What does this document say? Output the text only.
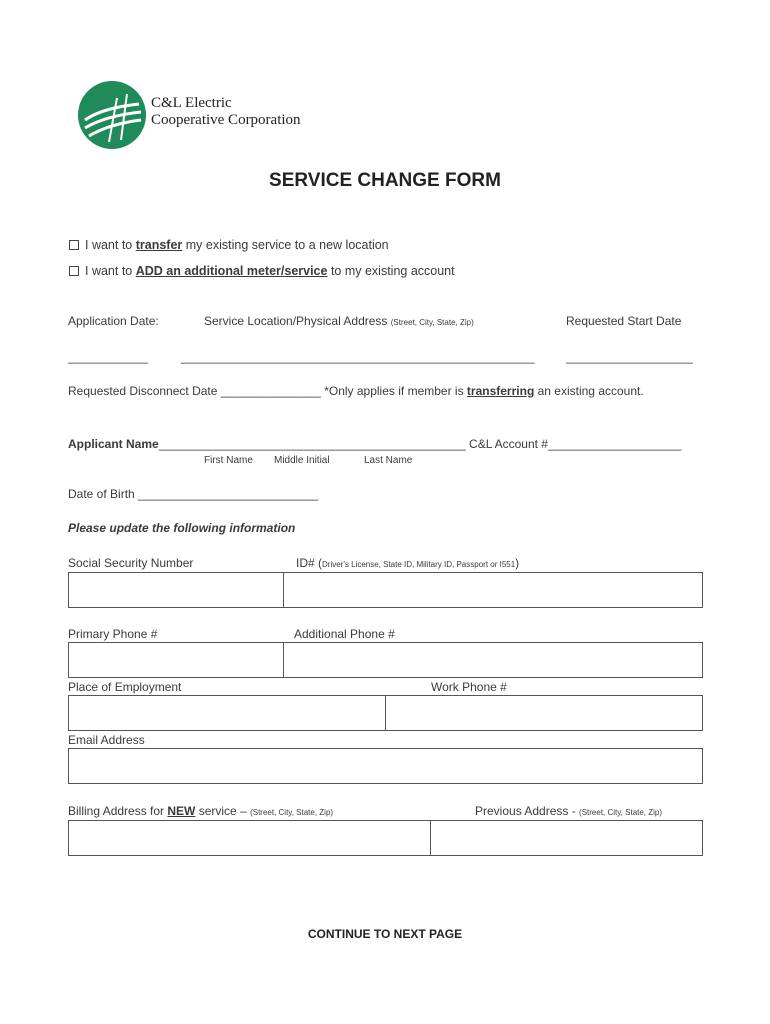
C&L Electric
Cooperative Corporation
SERVICE CHANGE FORM
I want to transfer my existing service to a new location
I want to ADD an additional meter/service to my existing account
Application Date:	Service Location/Physical Address (Street, City, State, Zip)	Requested Start Date
____________	_____________________________________________________	___________________
Requested Disconnect Date _______________ *Only applies if member is transferring an existing account.
Applicant Name______________________________________________ C&L Account #____________________
First Name Middle Initial	Last Name
Date of Birth ___________________________
Please update the following information
Social Security Number	ID# (Driver's License, State ID, Military ID, Passport or I551)
Primary Phone #	Additional Phone #
Place of Employment	Work Phone #
Email Address
Billing Address for NEW service – (Street, City, State, Zip)	Previous Address - (Street, City, State, Zip)
CONTINUE TO NEXT PAGE
